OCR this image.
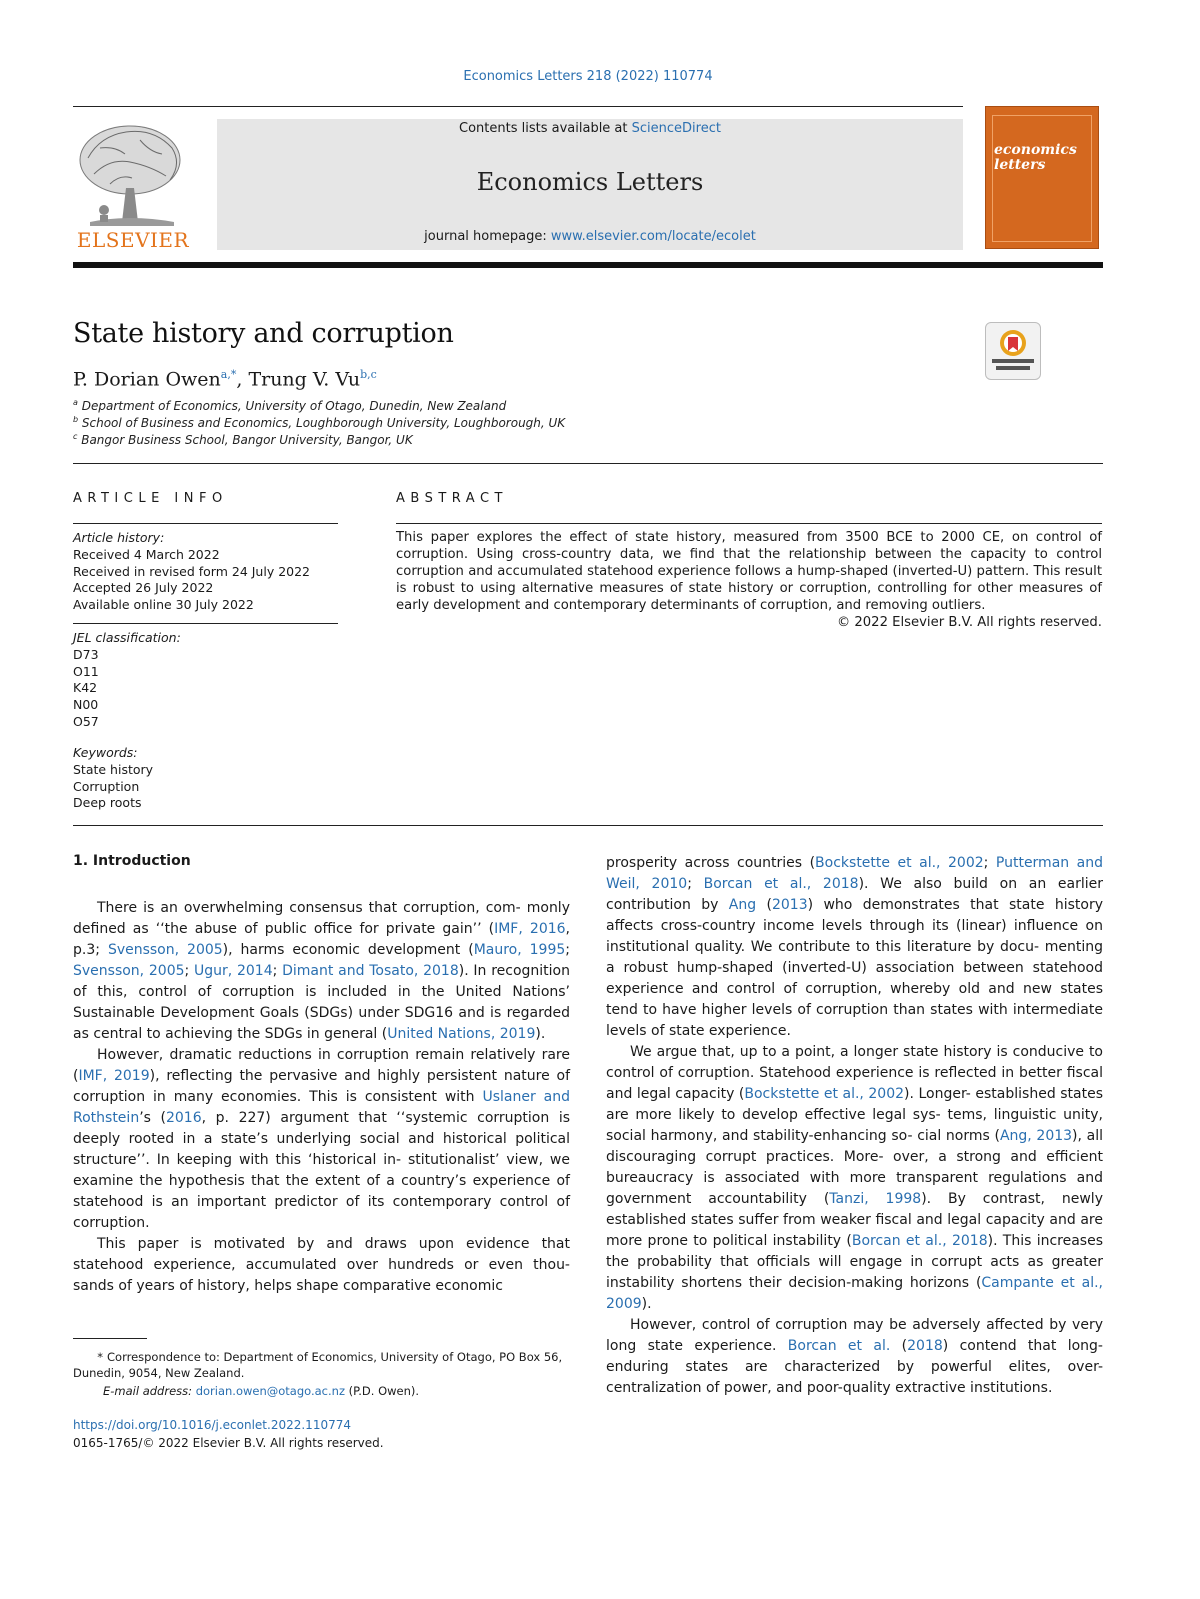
Economics Letters 218 (2022) 110774
ELSEVIER
Contents lists available at ScienceDirect
Economics Letters
journal homepage: www.elsevier.com/locate/ecolet
economics
letters
State history and corruption
P. Dorian Owen$^{a,*}$, Trung V. Vu$^{b,c}$
$^a$ Department of Economics, University of Otago, Dunedin, New Zealand
$^b$ School of Business and Economics, Loughborough University, Loughborough, UK
$^c$ Bangor Business School, Bangor University, Bangor, UK
ARTICLE INFO	ABSTRACT
Article history:
Received 4 March 2022
Received in revised form 24 July 2022
Accepted 26 July 2022
Available online 30 July 2022
JEL classification:
D73
O11
K42
N00
O57
Keywords:
State history
Corruption
Deep roots
This paper explores the effect of state history, measured from 3500 BCE to 2000 CE, on control of corruption. Using cross-country data, we find that the relationship between the capacity to control corruption and accumulated statehood experience follows a hump-shaped (inverted-U) pattern. This result is robust to using alternative measures of state history or corruption, controlling for other measures of early development and contemporary determinants of corruption, and removing outliers.
© 2022 Elsevier B.V. All rights reserved.
1. Introduction

There is an overwhelming consensus that corruption, com- monly defined as ‘‘the abuse of public office for private gain’’ (IMF, 2016, p.3; Svensson, 2005), harms economic development (Mauro, 1995; Svensson, 2005; Ugur, 2014; Dimant and Tosato, 2018). In recognition of this, control of corruption is included in the United Nations’ Sustainable Development Goals (SDGs) under SDG16 and is regarded as central to achieving the SDGs in general (United Nations, 2019).

However, dramatic reductions in corruption remain relatively rare (IMF, 2019), reflecting the pervasive and highly persistent nature of corruption in many economies. This is consistent with Uslaner and Rothstein’s (2016, p. 227) argument that ‘‘systemic corruption is deeply rooted in a state’s underlying social and historical political structure’’. In keeping with this ‘historical in- stitutionalist’ view, we examine the hypothesis that the extent of a country’s experience of statehood is an important predictor of its contemporary control of corruption.

This paper is motivated by and draws upon evidence that statehood experience, accumulated over hundreds or even thou- sands of years of history, helps shape comparative economic

prosperity across countries (Bockstette et al., 2002; Putterman and Weil, 2010; Borcan et al., 2018). We also build on an earlier contribution by Ang (2013) who demonstrates that state history affects cross-country income levels through its (linear) influence on institutional quality. We contribute to this literature by docu- menting a robust hump-shaped (inverted-U) association between statehood experience and control of corruption, whereby old and new states tend to have higher levels of corruption than states with intermediate levels of state experience.

We argue that, up to a point, a longer state history is conducive to control of corruption. Statehood experience is reflected in better fiscal and legal capacity (Bockstette et al., 2002). Longer- established states are more likely to develop effective legal sys- tems, linguistic unity, social harmony, and stability-enhancing so- cial norms (Ang, 2013), all discouraging corrupt practices. More- over, a strong and efficient bureaucracy is associated with more transparent regulations and government accountability (Tanzi, 1998). By contrast, newly established states suffer from weaker fiscal and legal capacity and are more prone to political instability (Borcan et al., 2018). This increases the probability that officials will engage in corrupt acts as greater instability shortens their decision-making horizons (Campante et al., 2009).

However, control of corruption may be adversely affected by very long state experience. Borcan et al. (2018) contend that long-enduring states are characterized by powerful elites, over- centralization of power, and poor-quality extractive institutions.

* Correspondence to: Department of Economics, University of Otago, PO Box 56, Dunedin, 9054, New Zealand.
E-mail address: dorian.owen@otago.ac.nz (P.D. Owen).
https://doi.org/10.1016/j.econlet.2022.110774
0165-1765/© 2022 Elsevier B.V. All rights reserved.
